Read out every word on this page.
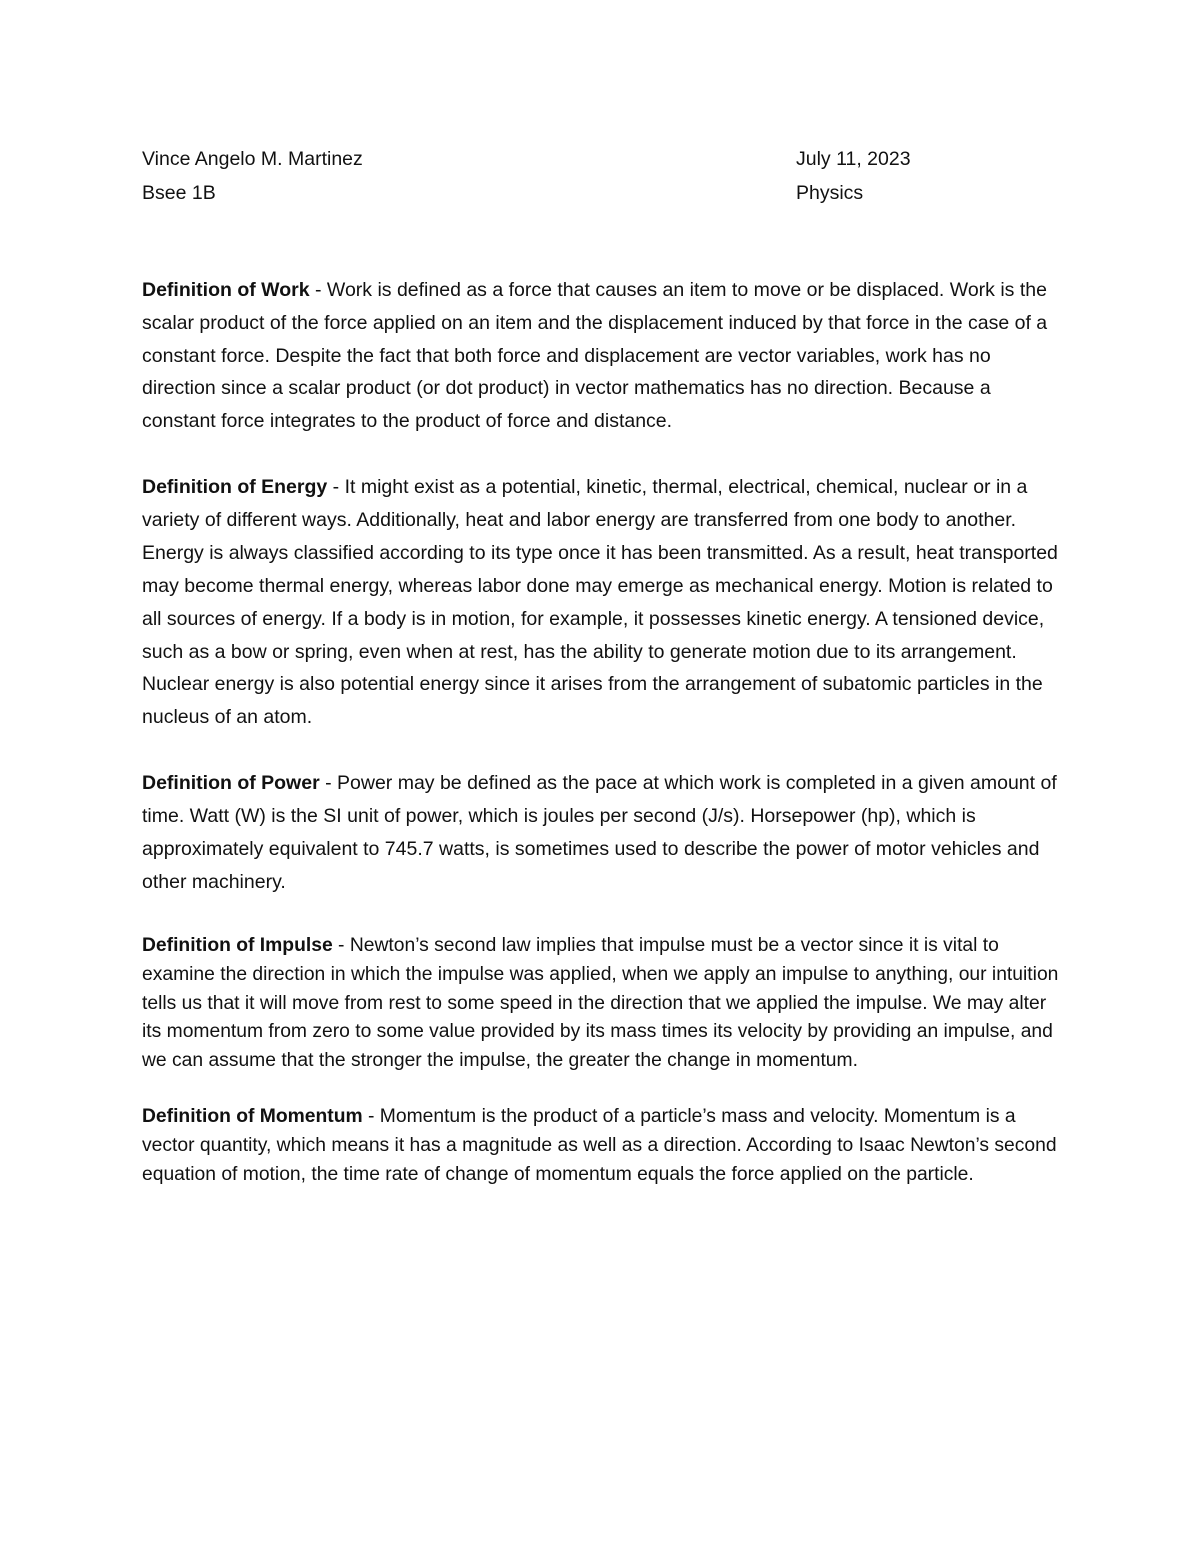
Vince Angelo M. Martinez
Bsee 1B
July 11, 2023
Physics

Definition of Work - Work is defined as a force that causes an item to move or be displaced. Work is the scalar product of the force applied on an item and the displacement induced by that force in the case of a constant force. Despite the fact that both force and displacement are vector variables, work has no direction since a scalar product (or dot product) in vector mathematics has no direction. Because a constant force integrates to the product of force and distance.

Definition of Energy - It might exist as a potential, kinetic, thermal, electrical, chemical, nuclear or in a variety of different ways. Additionally, heat and labor energy are transferred from one body to another. Energy is always classified according to its type once it has been transmitted. As a result, heat transported may become thermal energy, whereas labor done may emerge as mechanical energy. Motion is related to all sources of energy. If a body is in motion, for example, it possesses kinetic energy. A tensioned device, such as a bow or spring, even when at rest, has the ability to generate motion due to its arrangement. Nuclear energy is also potential energy since it arises from the arrangement of subatomic particles in the nucleus of an atom.

Definition of Power - Power may be defined as the pace at which work is completed in a given amount of time. Watt (W) is the SI unit of power, which is joules per second (J/s). Horsepower (hp), which is approximately equivalent to 745.7 watts, is sometimes used to describe the power of motor vehicles and other machinery.

Definition of Impulse - Newton’s second law implies that impulse must be a vector since it is vital to examine the direction in which the impulse was applied, when we apply an impulse to anything, our intuition tells us that it will move from rest to some speed in the direction that we applied the impulse. We may alter its momentum from zero to some value provided by its mass times its velocity by providing an impulse, and we can assume that the stronger the impulse, the greater the change in momentum.

Definition of Momentum - Momentum is the product of a particle’s mass and velocity. Momentum is a vector quantity, which means it has a magnitude as well as a direction. According to Isaac Newton’s second equation of motion, the time rate of change of momentum equals the force applied on the particle.
